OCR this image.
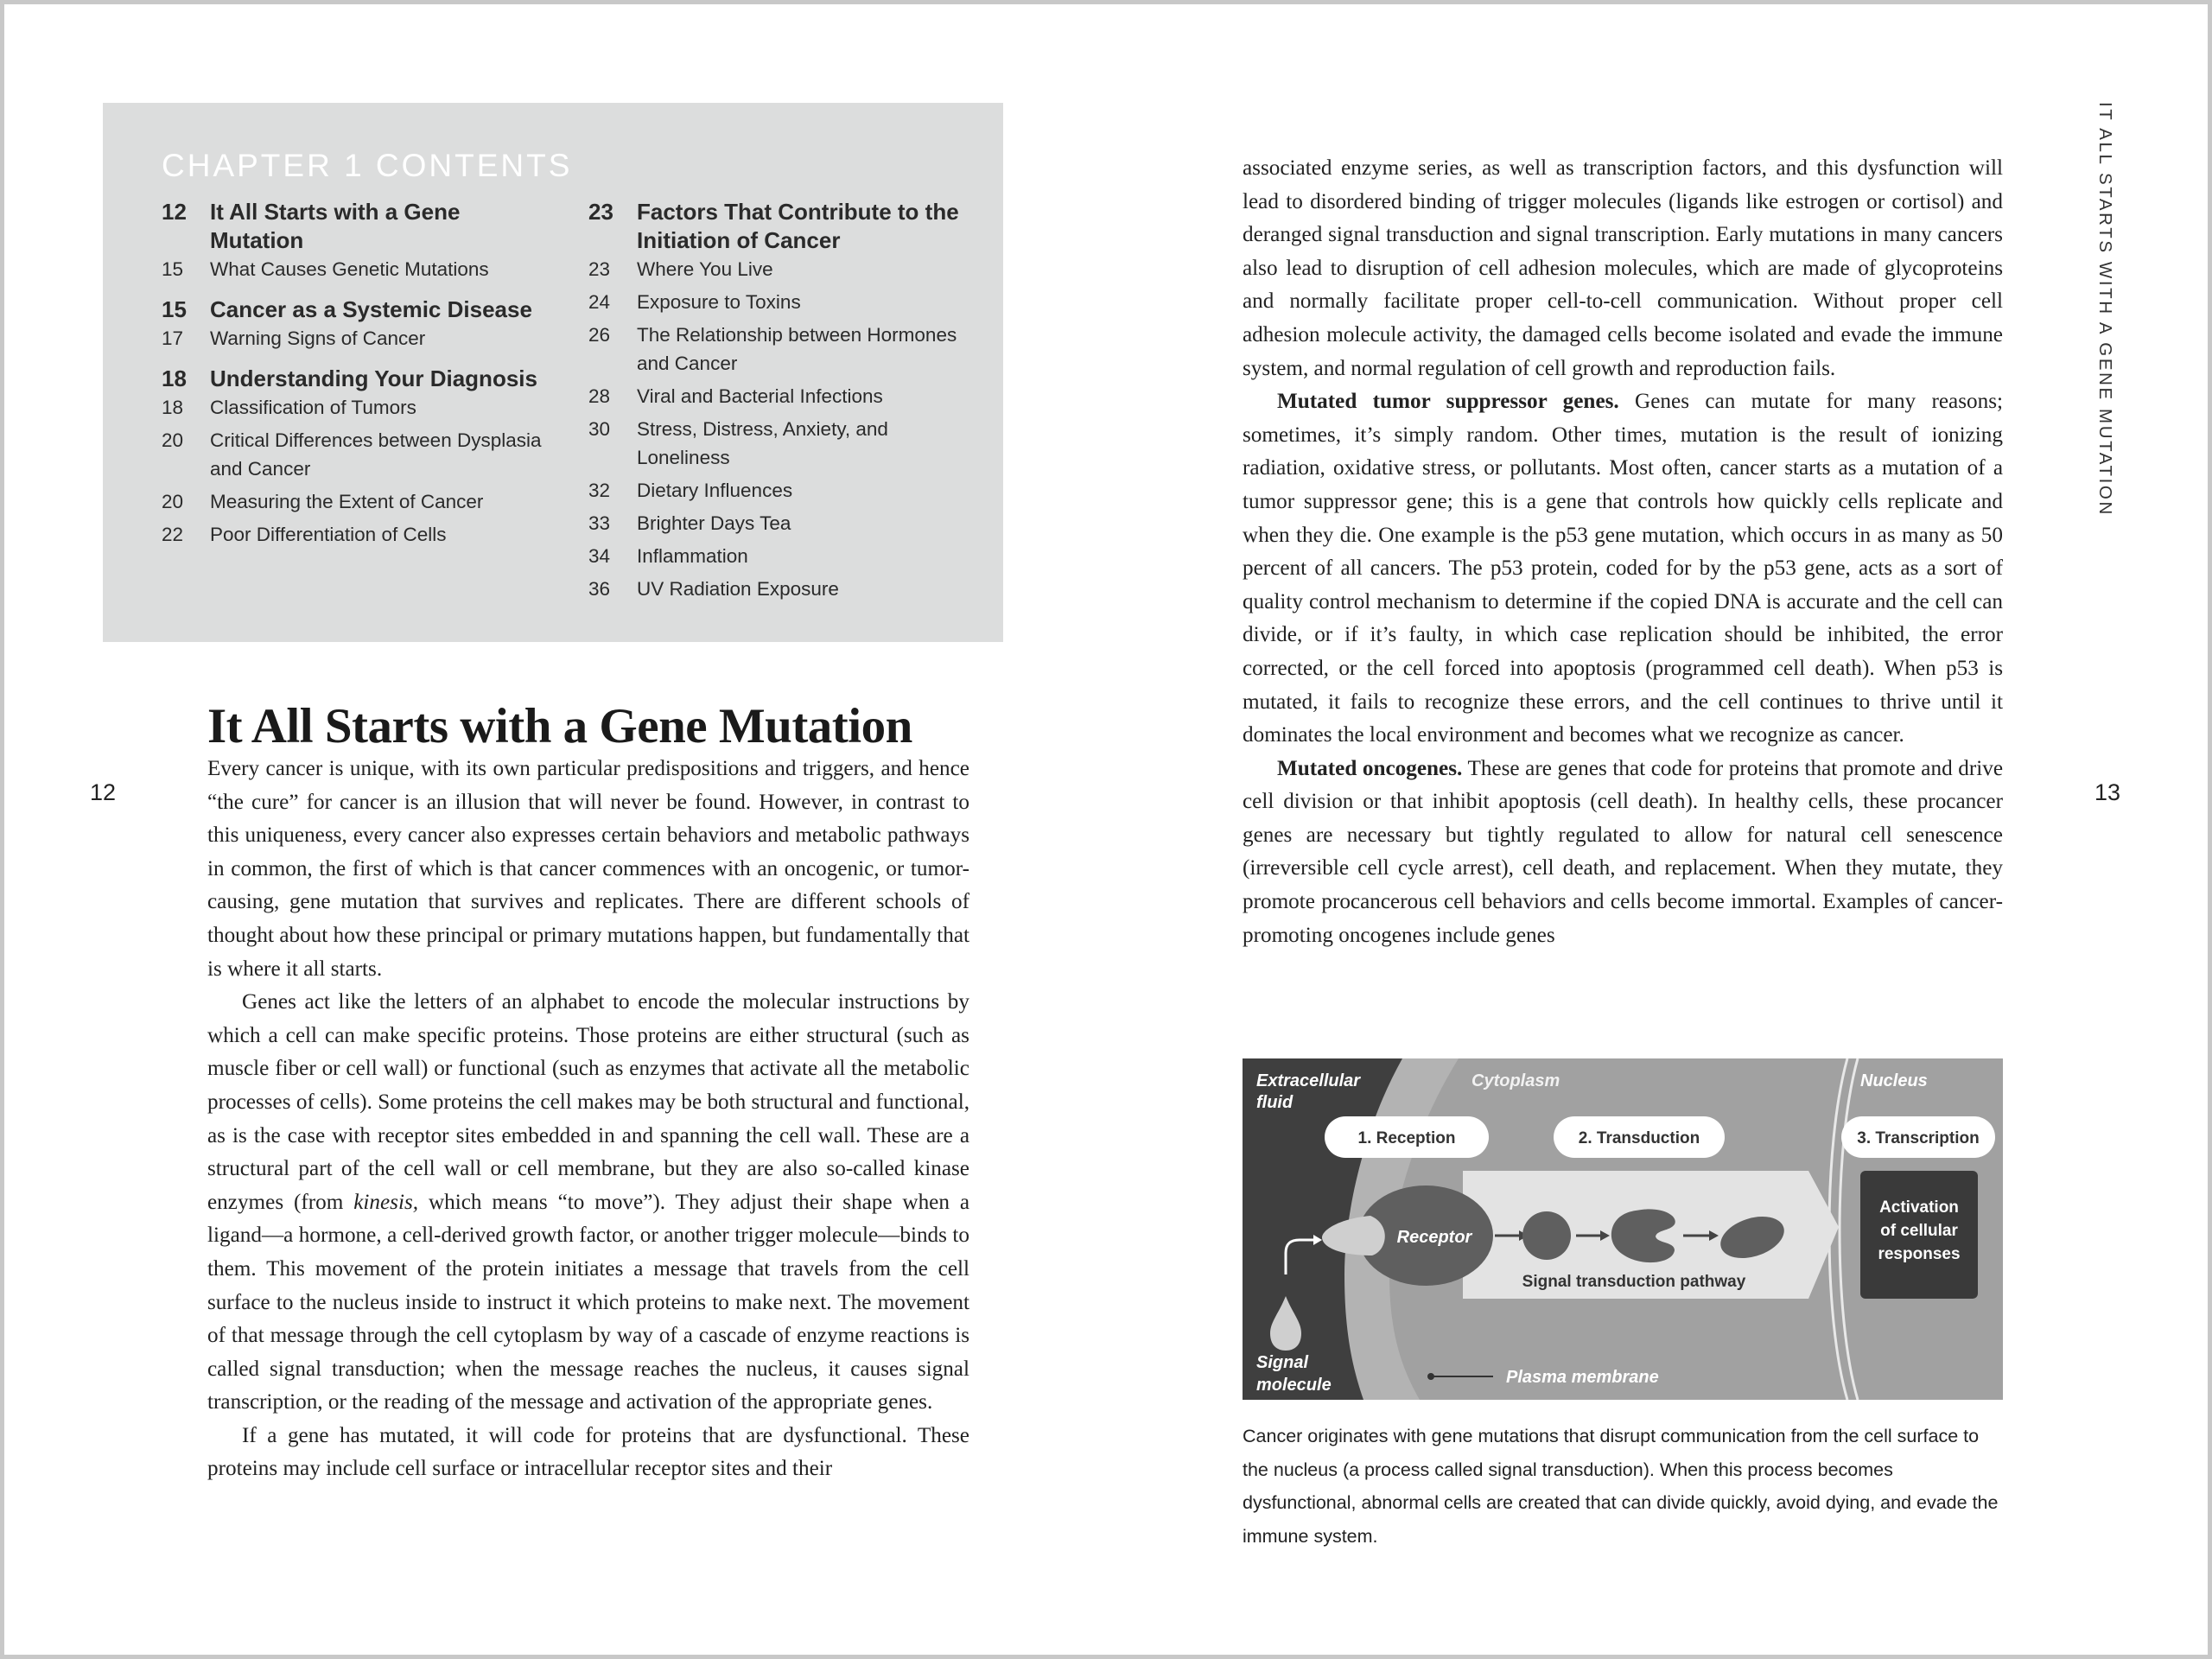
CHAPTER 1 CONTENTS
12	It All Starts with a Gene Mutation
15	What Causes Genetic Mutations
15	Cancer as a Systemic Disease
17	Warning Signs of Cancer
18	Understanding Your Diagnosis
18	Classification of Tumors
20	Critical Differences between Dysplasia and Cancer
20	Measuring the Extent of Cancer
22	Poor Differentiation of Cells
23	Factors That Contribute to the Initiation of Cancer
23	Where You Live
24	Exposure to Toxins
26	The Relationship between Hormones and Cancer
28	Viral and Bacterial Infections
30	Stress, Distress, Anxiety, and Loneliness
32	Dietary Influences
33	Brighter Days Tea
34	Inflammation
36	UV Radiation Exposure
12
It All Starts with a Gene Mutation

Every cancer is unique, with its own particular predispositions and triggers, and hence “the cure” for cancer is an illusion that will never be found. However, in contrast to this uniqueness, every cancer also expresses certain behaviors and metabolic pathways in common, the first of which is that cancer commences with an oncogenic, or tumor-causing, gene mutation that survives and replicates. There are different schools of thought about how these principal or primary mutations happen, but fundamentally that is where it all starts.

Genes act like the letters of an alphabet to encode the molecular instructions by which a cell can make specific proteins. Those proteins are either structural (such as muscle fiber or cell wall) or functional (such as enzymes that activate all the metabolic processes of cells). Some proteins the cell makes may be both structural and functional, as is the case with receptor sites embedded in and spanning the cell wall. These are a structural part of the cell wall or cell membrane, but they are also so-called kinase enzymes (from kinesis, which means “to move”). They adjust their shape when a ligand—a hormone, a cell-derived growth factor, or another trigger molecule—binds to them. This movement of the protein initiates a message that travels from the cell surface to the nucleus inside to instruct it which proteins to make next. The movement of that message through the cell cytoplasm by way of a cascade of enzyme reactions is called signal transduction; when the message reaches the nucleus, it causes signal transcription, or the reading of the message and activation of the appropriate genes.

If a gene has mutated, it will code for proteins that are dysfunctional. These proteins may include cell surface or intracellular receptor sites and their

IT ALL STARTS WITH A GENE MUTATION
13

associated enzyme series, as well as transcription factors, and this dysfunction will lead to disordered binding of trigger molecules (ligands like estrogen or cortisol) and deranged signal transduction and signal transcription. Early mutations in many cancers also lead to disruption of cell adhesion molecules, which are made of glycoproteins and normally facilitate proper cell-to-cell communication. Without proper cell adhesion molecule activity, the damaged cells become isolated and evade the immune system, and normal regulation of cell growth and reproduction fails.

Mutated tumor suppressor genes. Genes can mutate for many reasons; sometimes, it’s simply random. Other times, mutation is the result of ionizing radiation, oxidative stress, or pollutants. Most often, cancer starts as a mutation of a tumor suppressor gene; this is a gene that controls how quickly cells replicate and when they die. One example is the p53 gene mutation, which occurs in as many as 50 percent of all cancers. The p53 protein, coded for by the p53 gene, acts as a sort of quality control mechanism to determine if the copied DNA is accurate and the cell can divide, or if it’s faulty, in which case replication should be inhibited, the error corrected, or the cell forced into apoptosis (programmed cell death). When p53 is mutated, it fails to recognize these errors, and the cell continues to thrive until it dominates the local environment and becomes what we recognize as cancer.

Mutated oncogenes. These are genes that code for proteins that promote and drive cell division or that inhibit apoptosis (cell death). In healthy cells, these procancer genes are necessary but tightly regulated to allow for natural cell senescence (irreversible cell cycle arrest), cell death, and replacement. When they mutate, they promote procancerous cell behaviors and cells become immortal. Examples of cancer-promoting oncogenes include genes

Extracellular
fluid
Cytoplasm	Nucleus
1. Reception	2. Transduction	3. Transcription
Receptor
Signal transduction pathway
Activation
of cellular
responses
Signal
molecule	Plasma membrane

Cancer originates with gene mutations that disrupt communication from the cell surface to the nucleus (a process called signal transduction). When this process becomes dysfunctional, abnormal cells are created that can divide quickly, avoid dying, and evade the immune system.
